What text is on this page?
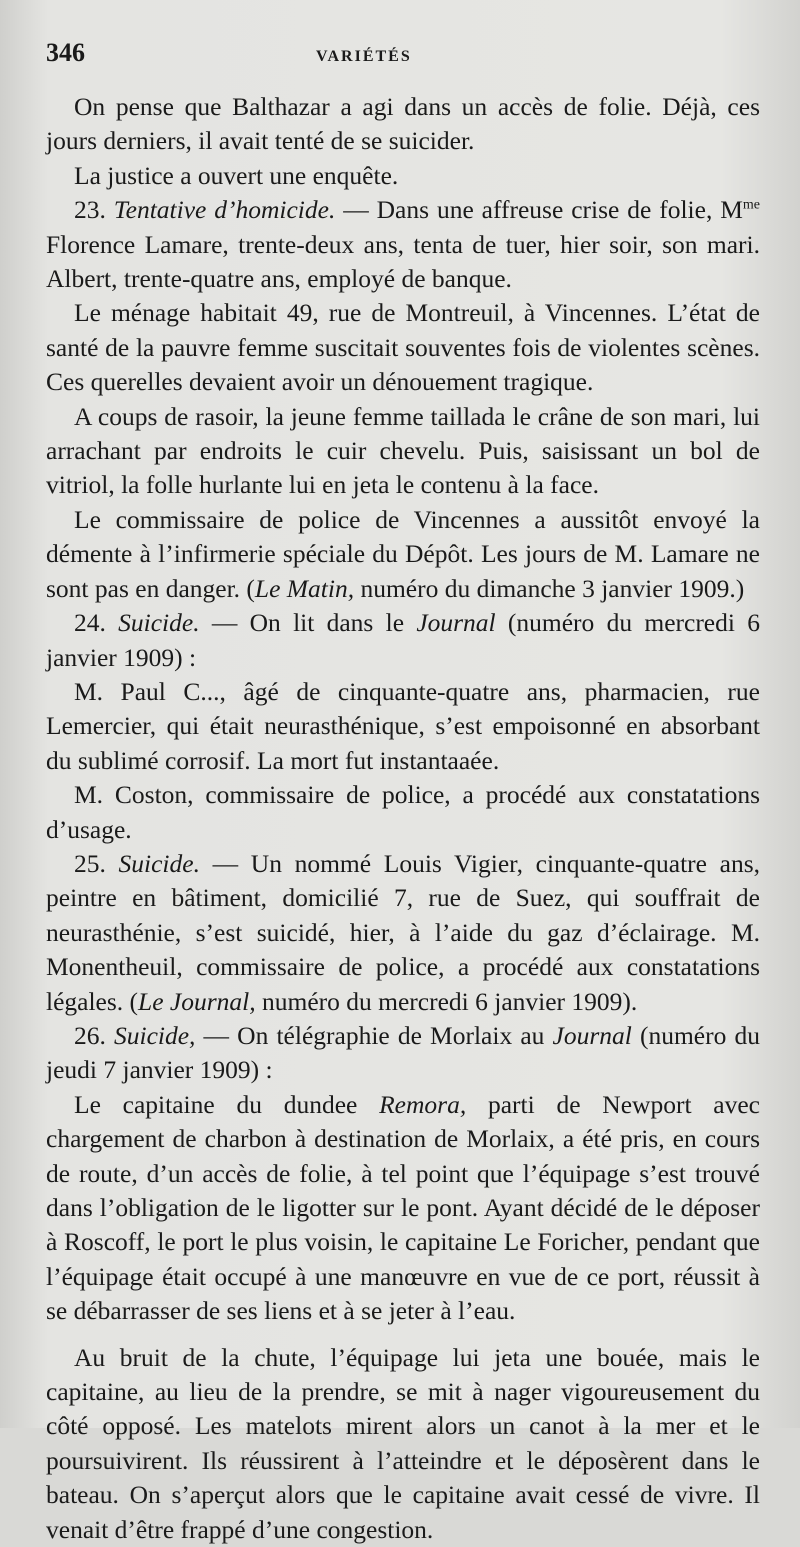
346	VARIÉTÉS

On pense que Balthazar a agi dans un accès de folie. Déjà, ces jours derniers, il avait tenté de se suicider.

La justice a ouvert une enquête.

23. Tentative d’homicide. — Dans une affreuse crise de folie, $M^{me}$ Florence Lamare, trente-deux ans, tenta de tuer, hier soir, son mari. Albert, trente-quatre ans, employé de banque.

Le ménage habitait 49, rue de Montreuil, à Vincennes. L’état de santé de la pauvre femme suscitait souventes fois de violentes scènes. Ces querelles devaient avoir un dénouement tragique.

A coups de rasoir, la jeune femme taillada le crâne de son mari, lui arrachant par endroits le cuir chevelu. Puis, saisissant un bol de vitriol, la folle hurlante lui en jeta le contenu à la face.

Le commissaire de police de Vincennes a aussitôt envoyé la démente à l’infirmerie spéciale du Dépôt. Les jours de M. Lamare ne sont pas en danger. (Le Matin, numéro du dimanche 3 janvier 1909.)

24. Suicide. — On lit dans le Journal (numéro du mercredi 6 janvier 1909) :

M. Paul C..., âgé de cinquante-quatre ans, pharmacien, rue Lemercier, qui était neurasthénique, s’est empoisonné en absorbant du sublimé corrosif. La mort fut instantaaée.

M. Coston, commissaire de police, a procédé aux constatations d’usage.

25. Suicide. — Un nommé Louis Vigier, cinquante-quatre ans, peintre en bâtiment, domicilié 7, rue de Suez, qui souffrait de neurasthénie, s’est suicidé, hier, à l’aide du gaz d’éclairage. M. Monentheuil, commissaire de police, a procédé aux constatations légales. (Le Journal, numéro du mercredi 6 janvier 1909).

26. Suicide, — On télégraphie de Morlaix au Journal (numéro du jeudi 7 janvier 1909) :

Le capitaine du dundee Remora, parti de Newport avec chargement de charbon à destination de Morlaix, a été pris, en cours de route, d’un accès de folie, à tel point que l’équipage s’est trouvé dans l’obligation de le ligotter sur le pont. Ayant décidé de le déposer à Roscoff, le port le plus voisin, le capitaine Le Foricher, pendant que l’équipage était occupé à une manœuvre en vue de ce port, réussit à se débarrasser de ses liens et à se jeter à l’eau.

Au bruit de la chute, l’équipage lui jeta une bouée, mais le capitaine, au lieu de la prendre, se mit à nager vigoureusement du côté opposé. Les matelots mirent alors un canot à la mer et le poursuivirent. Ils réussirent à l’atteindre et le déposèrent dans le bateau. On s’aperçut alors que le capitaine avait cessé de vivre. Il venait d’être frappé d’une congestion.
